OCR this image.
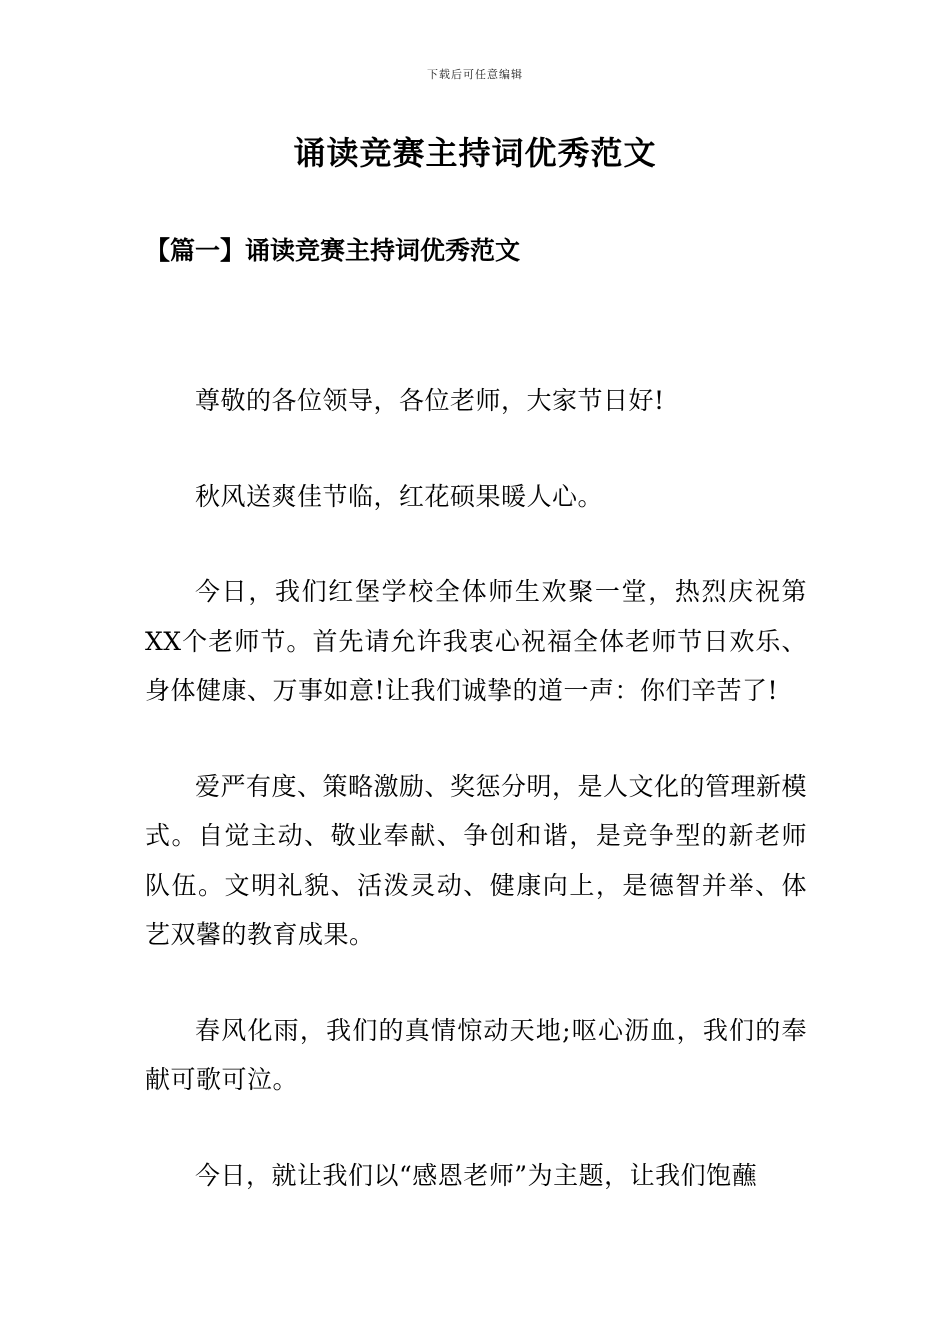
下载后可任意编辑
诵读竞赛主持词优秀范文
【篇一】诵读竞赛主持词优秀范文

尊敬的各位领导，各位老师，大家节日好!

秋风送爽佳节临，红花硕果暖人心。

今日，我们红堡学校全体师生欢聚一堂，热烈庆祝第XX个老师节。首先请允许我衷心祝福全体老师节日欢乐、身体健康、万事如意!让我们诚挚的道一声：你们辛苦了!

爱严有度、策略激励、奖惩分明，是人文化的管理新模式。自觉主动、敬业奉献、争创和谐，是竞争型的新老师队伍。文明礼貌、活泼灵动、健康向上，是德智并举、体艺双馨的教育成果。

春风化雨，我们的真情惊动天地;呕心沥血，我们的奉献可歌可泣。

今日，就让我们以“感恩老师”为主题，让我们饱蘸
